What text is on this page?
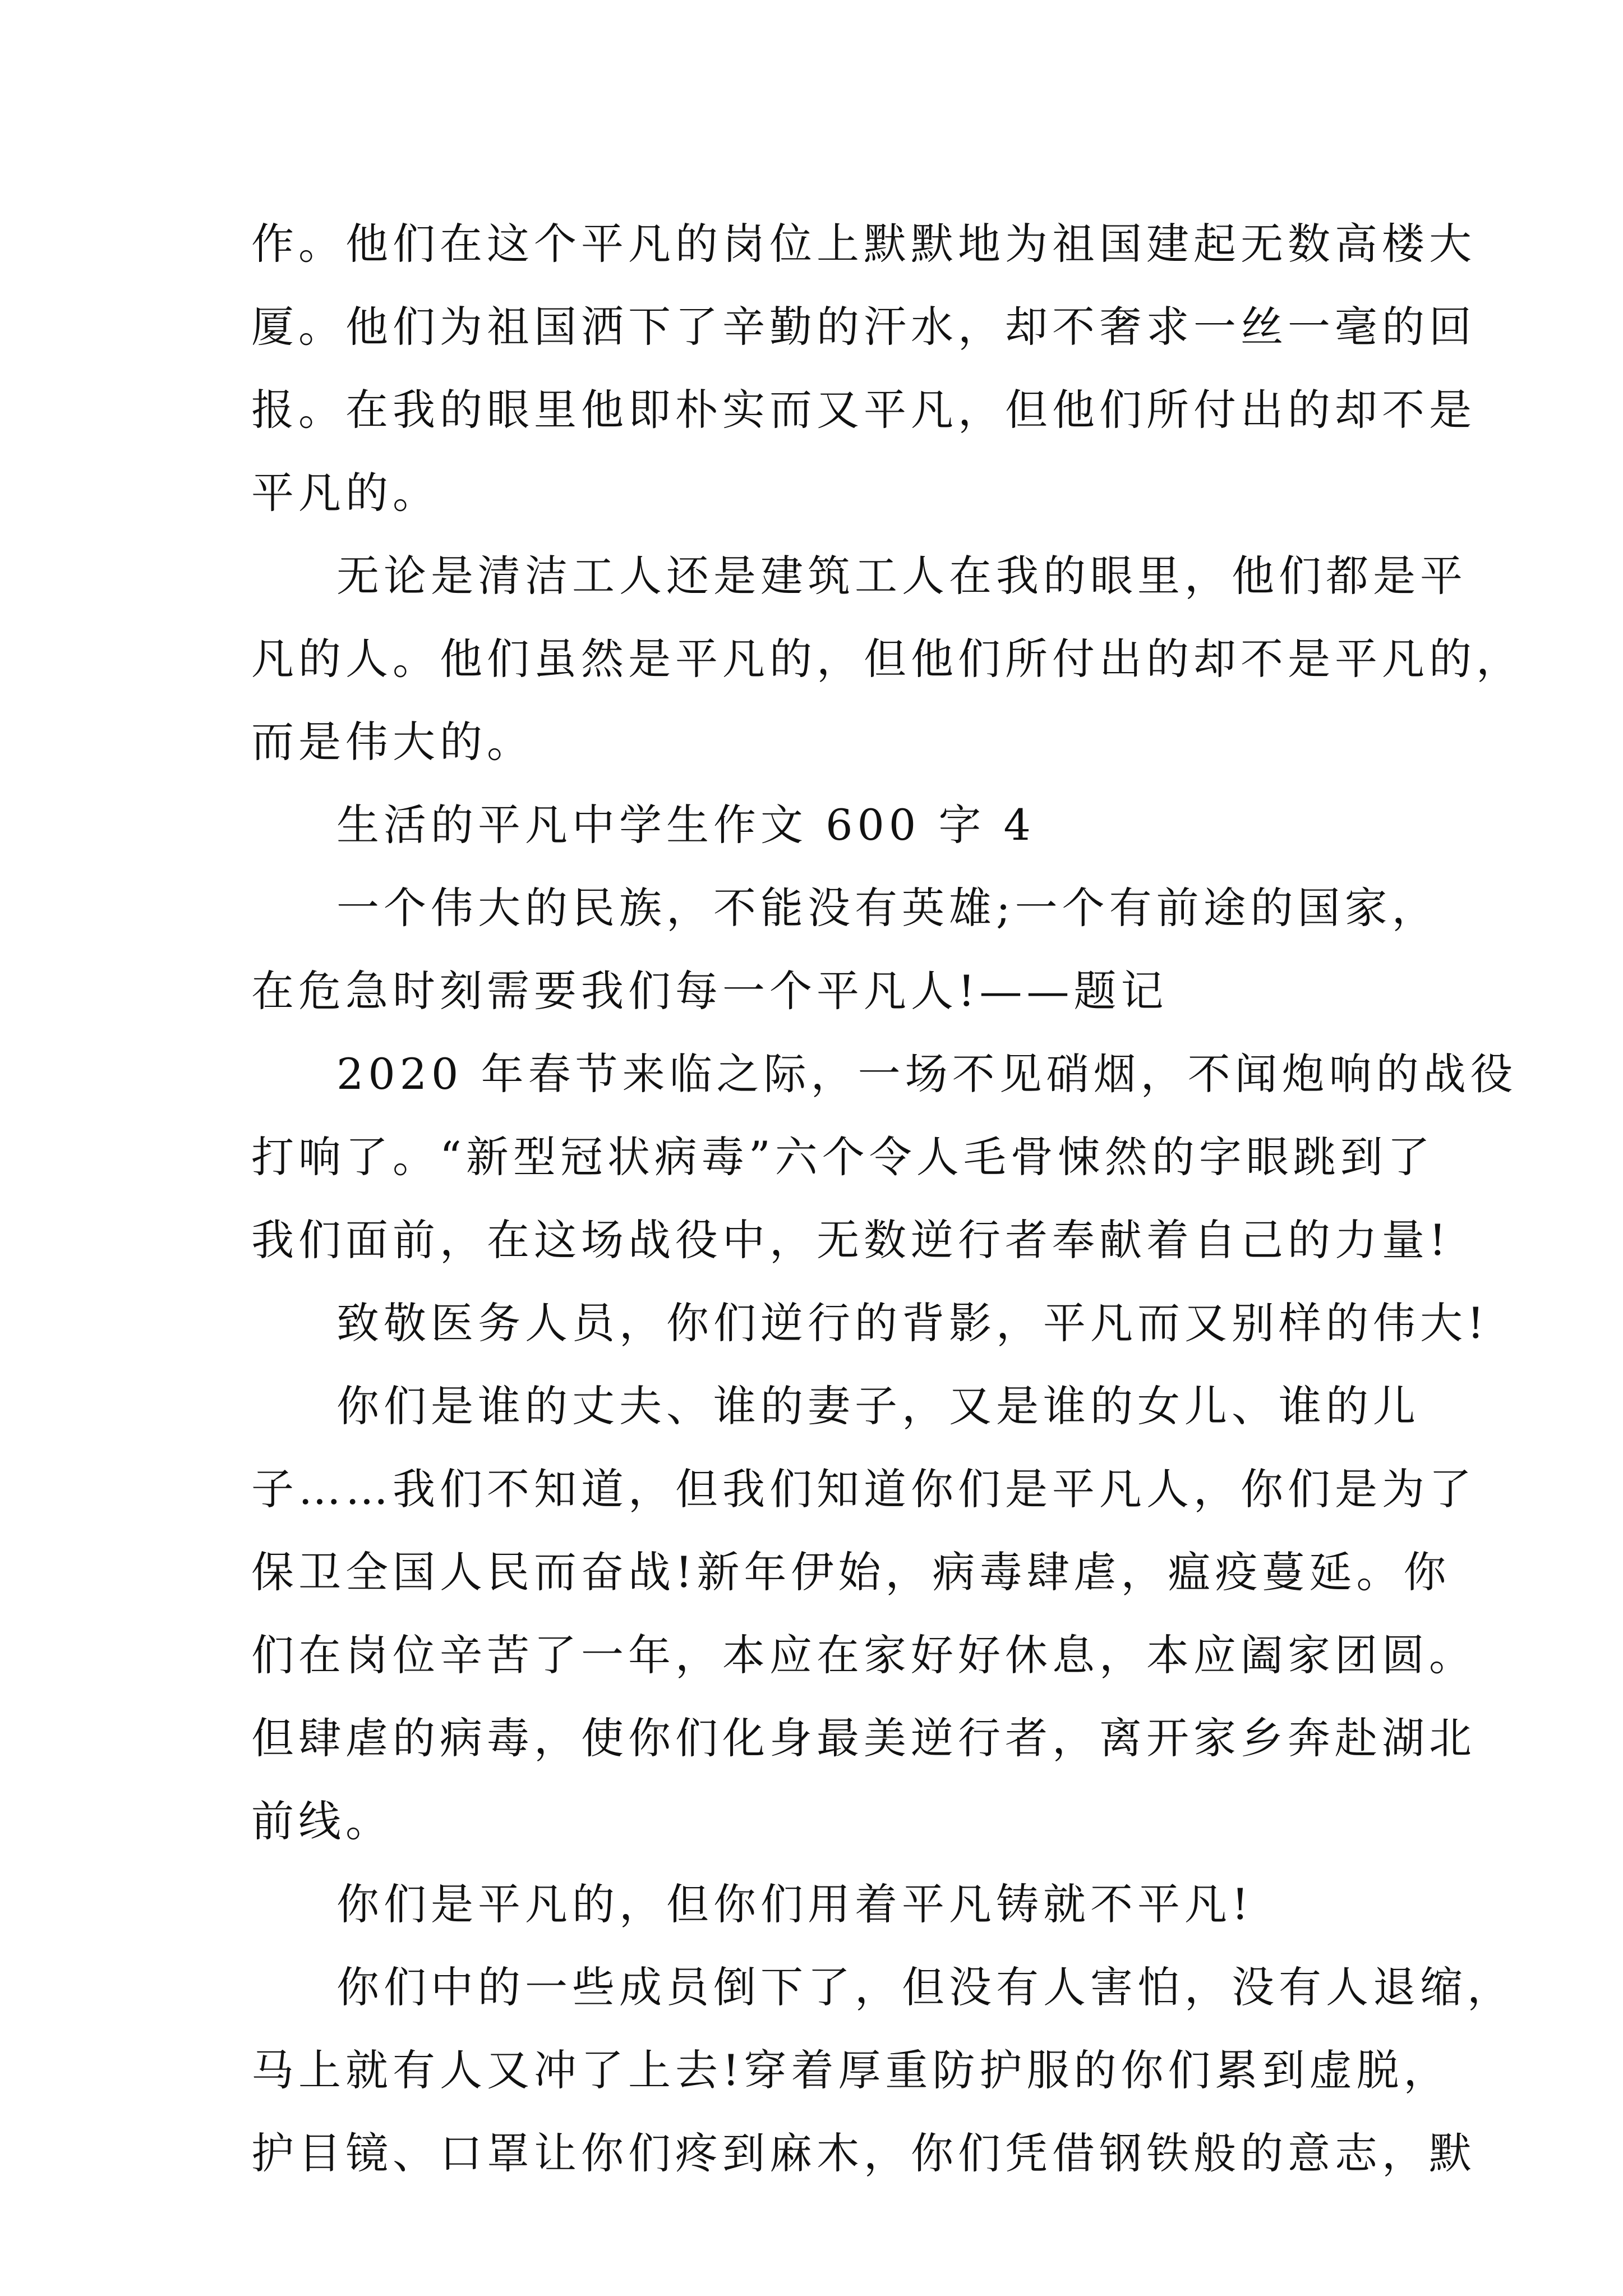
作。他们在这个平凡的岗位上默默地为祖国建起无数高楼大
厦。他们为祖国洒下了辛勤的汗水，却不奢求一丝一毫的回
报。在我的眼里他即朴实而又平凡，但他们所付出的却不是
平凡的。
无论是清洁工人还是建筑工人在我的眼里，他们都是平
凡的人。他们虽然是平凡的，但他们所付出的却不是平凡的，
而是伟大的。
生活的平凡中学生作文 600 字 4
一个伟大的民族，不能没有英雄;一个有前途的国家，
在危急时刻需要我们每一个平凡人!——题记
2020 年春节来临之际，一场不见硝烟，不闻炮响的战役
打响了。“新型冠状病毒”六个令人毛骨悚然的字眼跳到了
我们面前，在这场战役中，无数逆行者奉献着自己的力量!
致敬医务人员，你们逆行的背影，平凡而又别样的伟大!
你们是谁的丈夫、谁的妻子，又是谁的女儿、谁的儿
子……我们不知道，但我们知道你们是平凡人，你们是为了
保卫全国人民而奋战!新年伊始，病毒肆虐，瘟疫蔓延。你
们在岗位辛苦了一年，本应在家好好休息，本应阖家团圆。
但肆虐的病毒，使你们化身最美逆行者，离开家乡奔赴湖北
前线。
你们是平凡的，但你们用着平凡铸就不平凡!
你们中的一些成员倒下了，但没有人害怕，没有人退缩，
马上就有人又冲了上去!穿着厚重防护服的你们累到虚脱，
护目镜、口罩让你们疼到麻木，你们凭借钢铁般的意志，默
